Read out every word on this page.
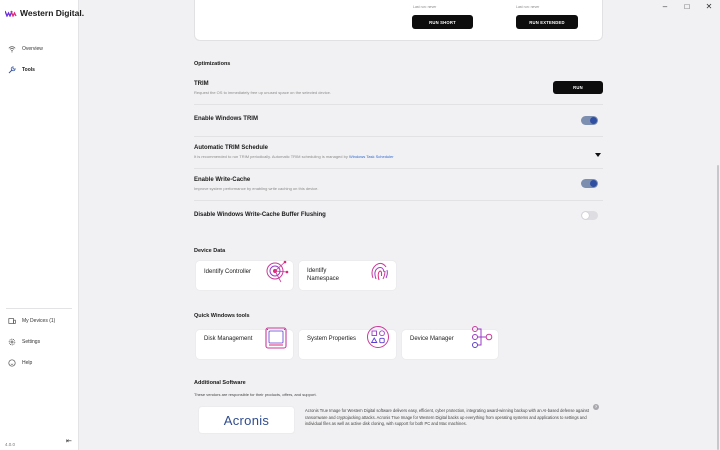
–	□	✕
Western Digital.
Overview
Tools
My Devices (1)
Settings
Help
4.0.0	⇤
Last run: never	Last run: never
RUN SHORT	RUN EXTENDED
Optimizations
TRIM
Request the OS to immediately free up unused space on the selected device.
RUN
Enable Windows TRIM
Automatic TRIM Schedule
It is recommended to run TRIM periodically. Automatic TRIM scheduling is managed by Windows Task Scheduler
Enable Write-Cache
Improve system performance by enabling write caching on this device.
Disable Windows Write-Cache Buffer Flushing
Device Data
Identify Controller	Identify Namespace
Quick Windows tools
Disk Management	System Properties	Device Manager
Additional Software
These vendors are responsible for their products, offers, and support.
Acronis
Acronis True Image for Western Digital software delivers easy, efficient, cyber protection, integrating award-winning backup with an AI-based defense against ransomware and cryptojacking attacks. Acronis True Image for Western Digital backs up everything from operating systems and applications to settings and individual files as well as active disk cloning, with support for both PC and Mac machines.
?
